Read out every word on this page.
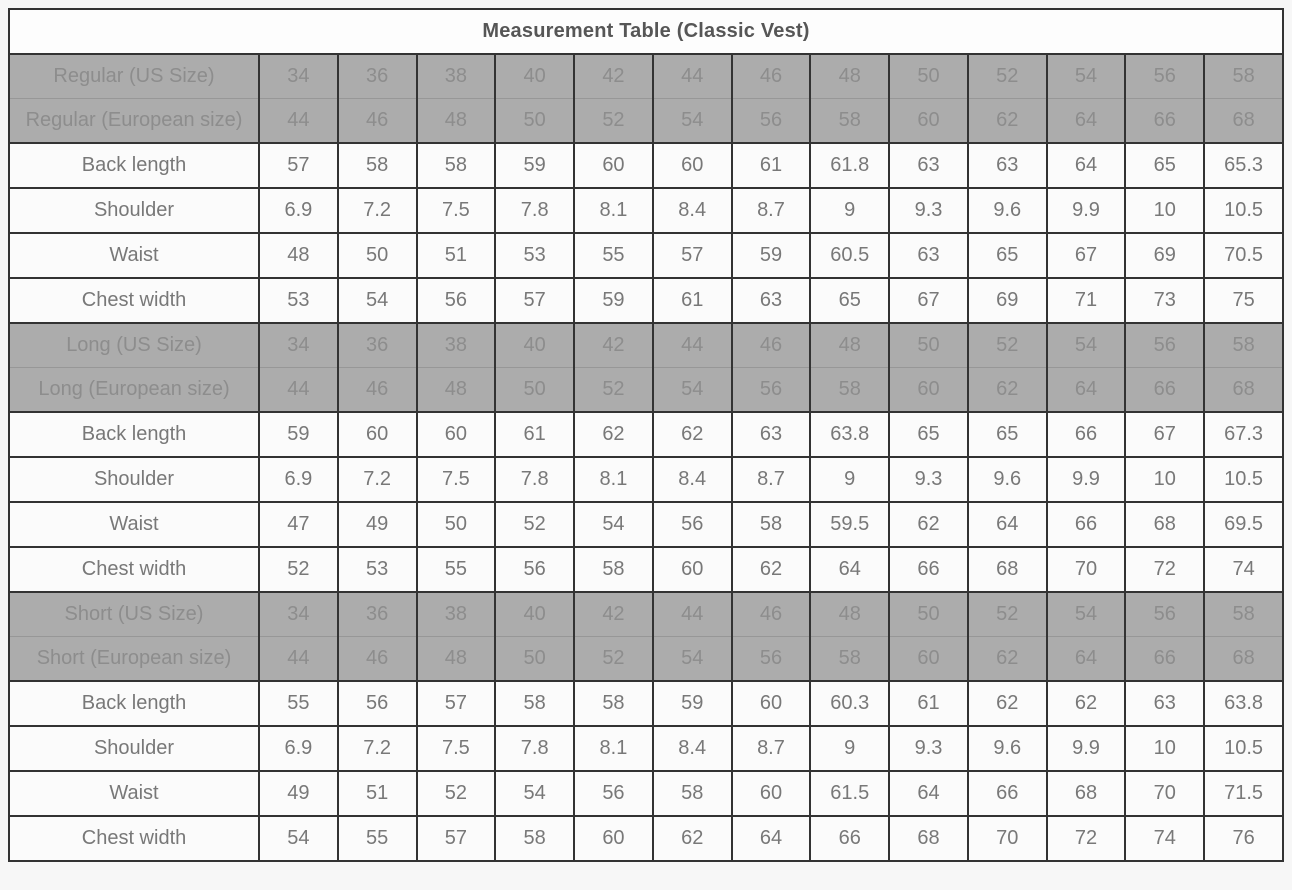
Measurement Table (Classic Vest)													
Regular (US Size)	34	36	38	40	42	44	46	48	50	52	54	56	58
Regular (European size)	44	46	48	50	52	54	56	58	60	62	64	66	68
Back length	57	58	58	59	60	60	61	61.8	63	63	64	65	65.3
Shoulder	6.9	7.2	7.5	7.8	8.1	8.4	8.7	9	9.3	9.6	9.9	10	10.5
Waist	48	50	51	53	55	57	59	60.5	63	65	67	69	70.5
Chest width	53	54	56	57	59	61	63	65	67	69	71	73	75
Long (US Size)	34	36	38	40	42	44	46	48	50	52	54	56	58
Long (European size)	44	46	48	50	52	54	56	58	60	62	64	66	68
Back length	59	60	60	61	62	62	63	63.8	65	65	66	67	67.3
Shoulder	6.9	7.2	7.5	7.8	8.1	8.4	8.7	9	9.3	9.6	9.9	10	10.5
Waist	47	49	50	52	54	56	58	59.5	62	64	66	68	69.5
Chest width	52	53	55	56	58	60	62	64	66	68	70	72	74
Short (US Size)	34	36	38	40	42	44	46	48	50	52	54	56	58
Short (European size)	44	46	48	50	52	54	56	58	60	62	64	66	68
Back length	55	56	57	58	58	59	60	60.3	61	62	62	63	63.8
Shoulder	6.9	7.2	7.5	7.8	8.1	8.4	8.7	9	9.3	9.6	9.9	10	10.5
Waist	49	51	52	54	56	58	60	61.5	64	66	68	70	71.5
Chest width	54	55	57	58	60	62	64	66	68	70	72	74	76
